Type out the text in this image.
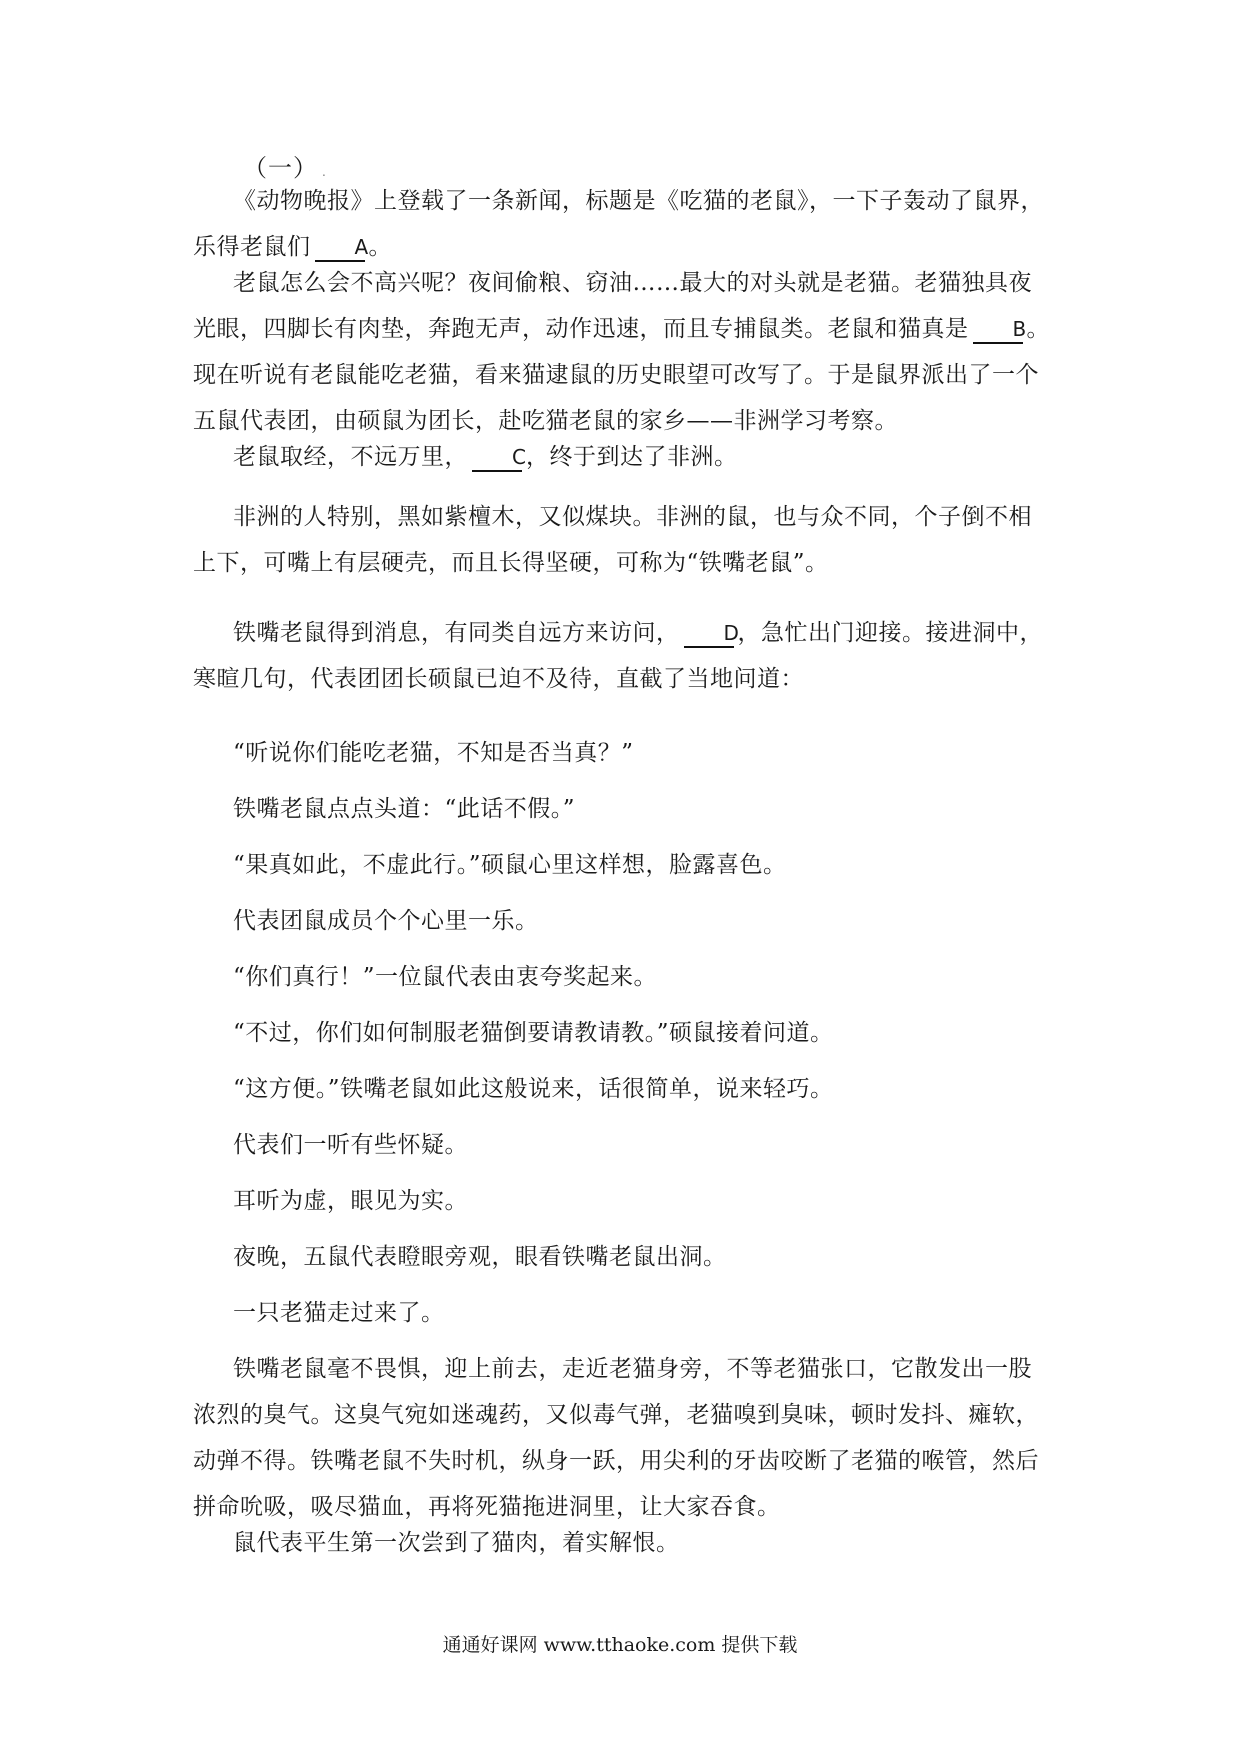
（一） .
《动物晚报》上登载了一条新闻，标题是《吃猫的老鼠》，一下子轰动了鼠界，乐得老鼠们 A。
老鼠怎么会不高兴呢？夜间偷粮、窃油……最大的对头就是老猫。老猫独具夜光眼，四脚长有肉垫，奔跑无声，动作迅速，而且专捕鼠类。老鼠和猫真是 B。现在听说有老鼠能吃老猫，看来猫逮鼠的历史眼望可改写了。于是鼠界派出了一个五鼠代表团，由硕鼠为团长，赴吃猫老鼠的家乡——非洲学习考察。
老鼠取经，不远万里， C，终于到达了非洲。
非洲的人特别，黑如紫檀木，又似煤块。非洲的鼠，也与众不同，个子倒不相上下，可嘴上有层硬壳，而且长得坚硬，可称为“铁嘴老鼠”。
铁嘴老鼠得到消息，有同类自远方来访问， D，急忙出门迎接。接进洞中，寒暄几句，代表团团长硕鼠已迫不及待，直截了当地问道：
“听说你们能吃老猫，不知是否当真？”
铁嘴老鼠点点头道：“此话不假。”
“果真如此，不虚此行。”硕鼠心里这样想，脸露喜色。
代表团鼠成员个个心里一乐。
“你们真行！”一位鼠代表由衷夸奖起来。
“不过，你们如何制服老猫倒要请教请教。”硕鼠接着问道。
“这方便。”铁嘴老鼠如此这般说来，话很简单，说来轻巧。
代表们一听有些怀疑。
耳听为虚，眼见为实。
夜晚，五鼠代表瞪眼旁观，眼看铁嘴老鼠出洞。
一只老猫走过来了。
铁嘴老鼠毫不畏惧，迎上前去，走近老猫身旁，不等老猫张口，它散发出一股浓烈的臭气。这臭气宛如迷魂药，又似毒气弹，老猫嗅到臭味，顿时发抖、瘫软，动弹不得。铁嘴老鼠不失时机，纵身一跃，用尖利的牙齿咬断了老猫的喉管，然后拼命吮吸，吸尽猫血，再将死猫拖进洞里，让大家吞食。
鼠代表平生第一次尝到了猫肉，着实解恨。
通通好课网 www.tthaoke.com 提供下载
